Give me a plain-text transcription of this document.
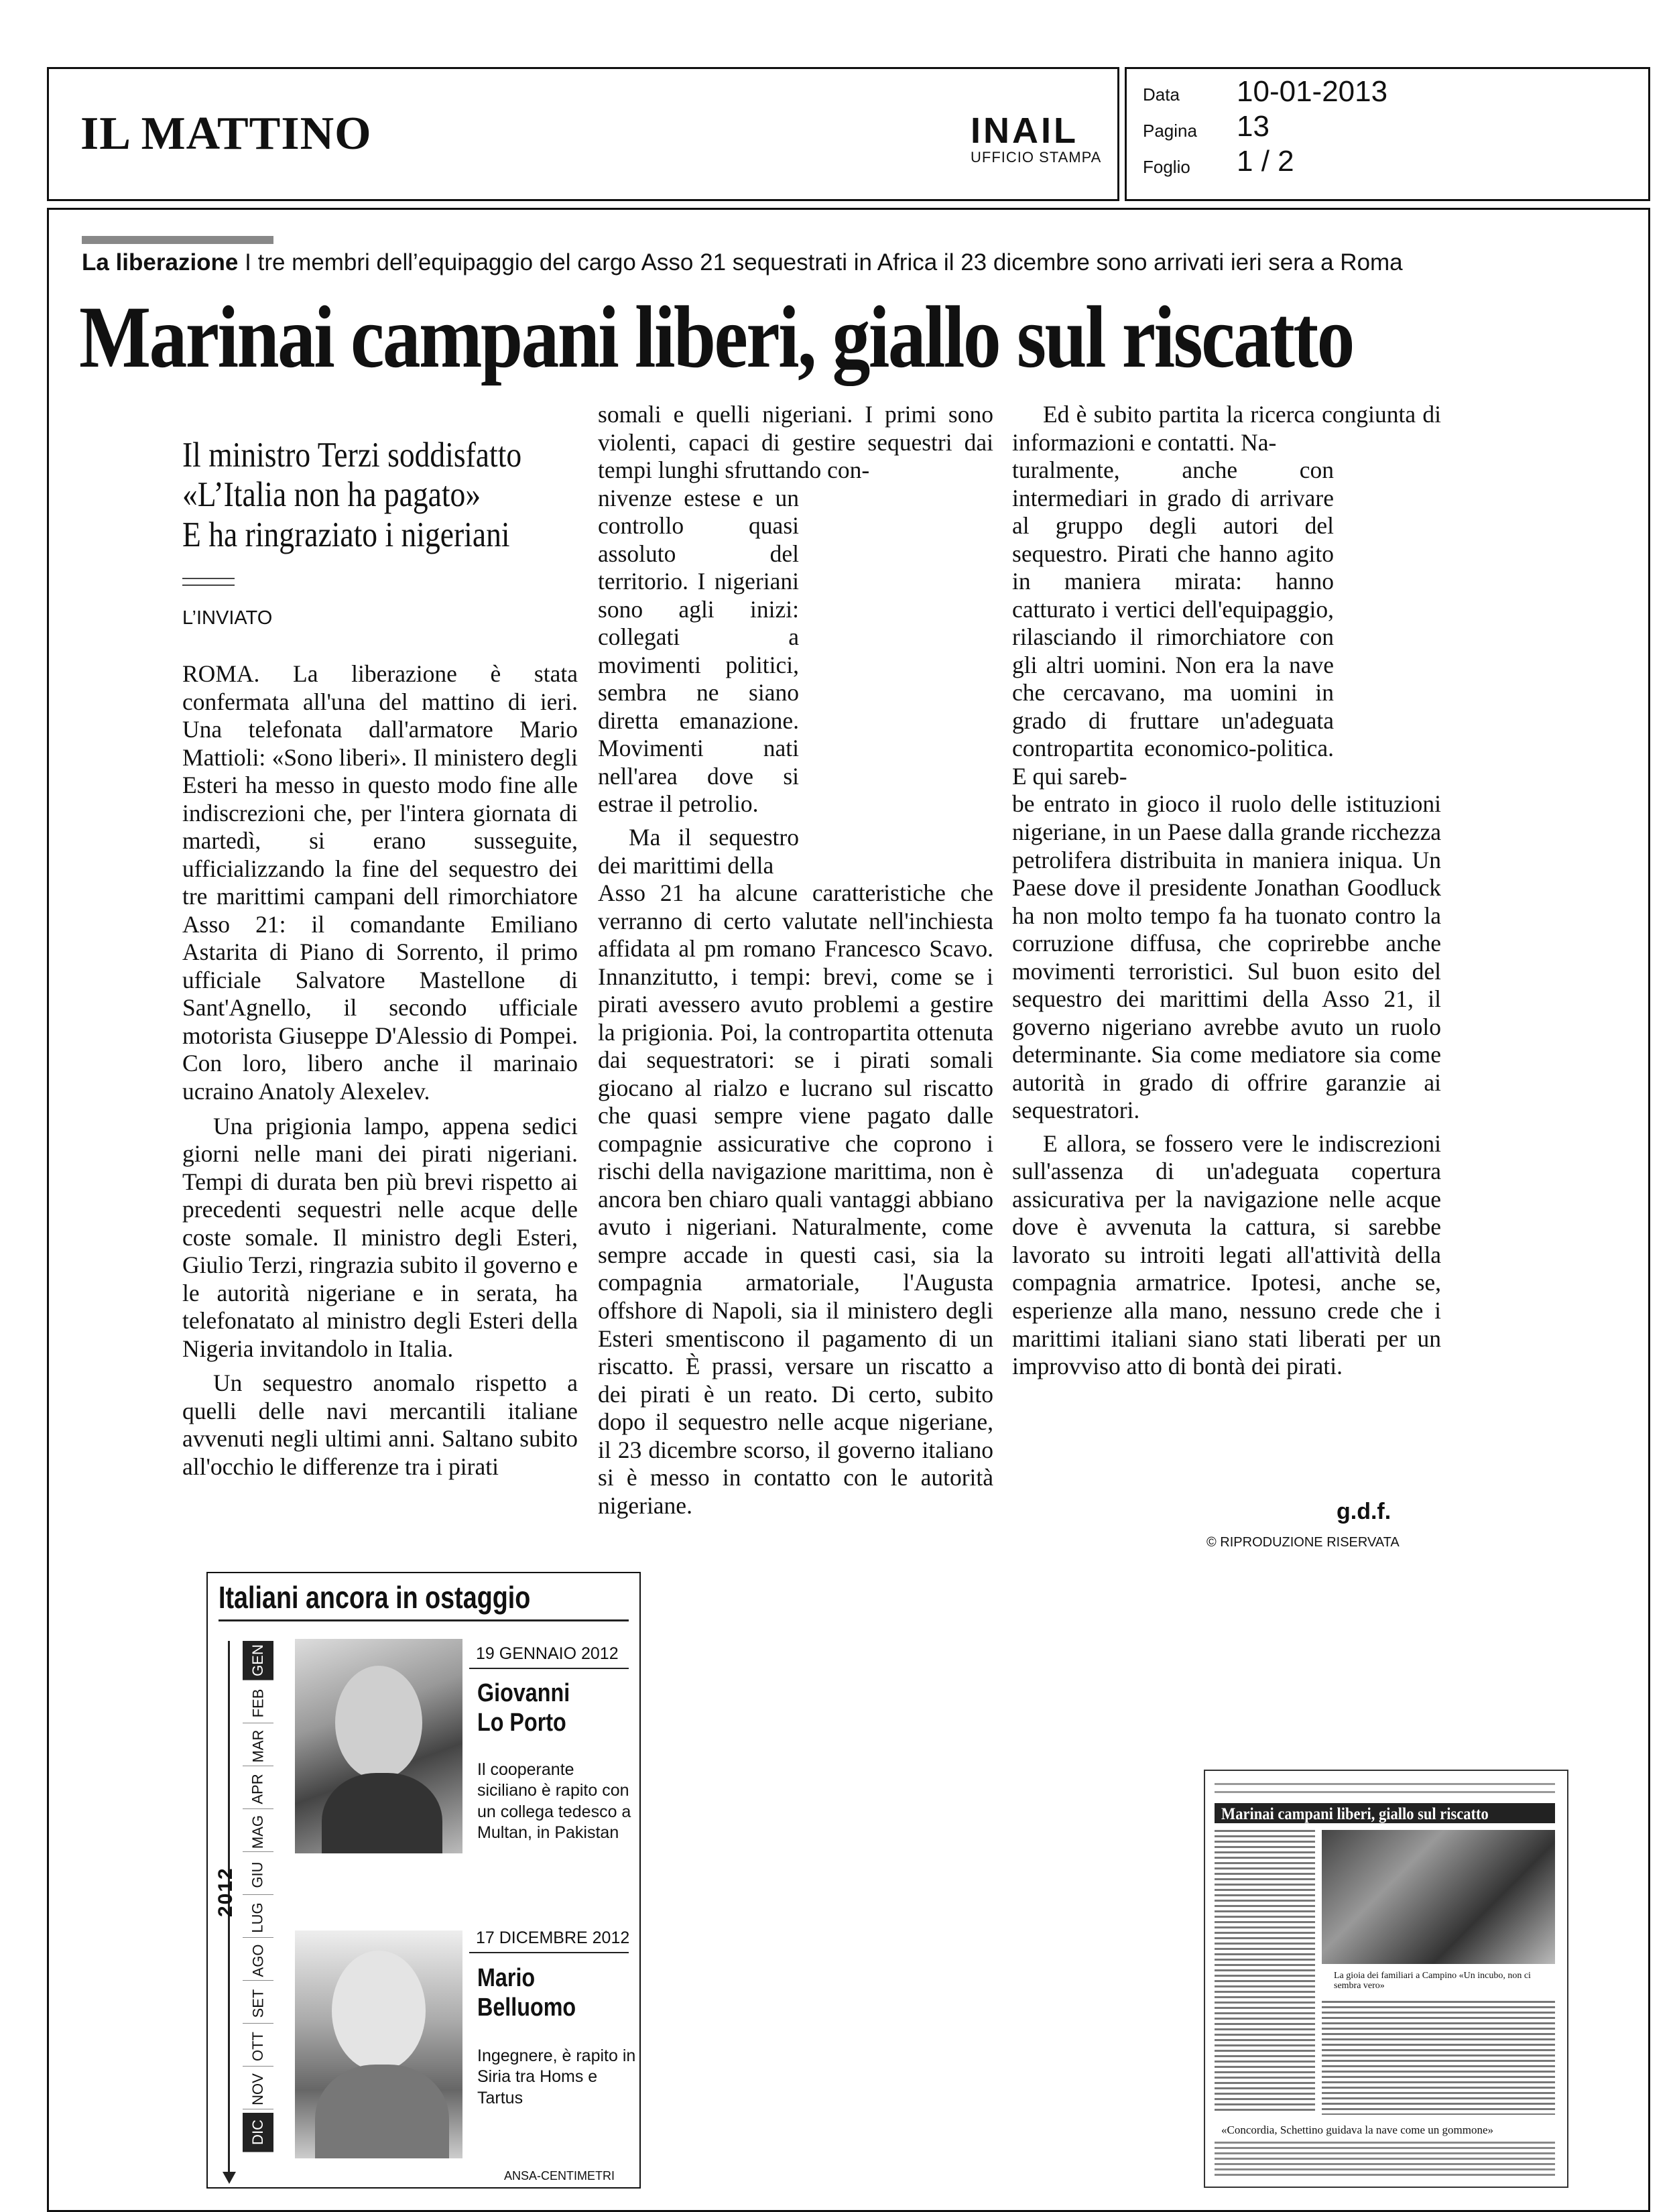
IL MATTINO	INAIL
UFFICIO STAMPA
Data 10-01-2013
Pagina 13
Foglio 1 / 2
La liberazione I tre membri dell’equipaggio del cargo Asso 21 sequestrati in Africa il 23 dicembre sono arrivati ieri sera a Roma
Marinai campani liberi, giallo sul riscatto
Il ministro Terzi soddisfatto
«L’Italia non ha pagato»
E ha ringraziato i nigeriani
L’INVIATO

ROMA. La liberazione è stata confermata all'una del mattino di ieri. Una telefonata dall'armatore Mario Mattioli: «Sono liberi». Il ministero degli Esteri ha messo in questo modo fine alle indiscrezioni che, per l'intera giornata di martedì, si erano susseguite, ufficializzando la fine del sequestro dei tre marittimi campani dell rimorchiatore Asso 21: il comandante Emiliano Astarita di Piano di Sorrento, il primo ufficiale Salvatore Mastellone di Sant'Agnello, il secondo ufficiale motorista Giuseppe D'Alessio di Pompei. Con loro, libero anche il marinaio ucraino Anatoly Alexelev.

Una prigionia lampo, appena sedici giorni nelle mani dei pirati nigeriani. Tempi di durata ben più brevi rispetto ai precedenti sequestri nelle acque delle coste somale. Il ministro degli Esteri, Giulio Terzi, ringrazia subito il governo e le autorità nigeriane e in serata, ha telefonatato al ministro degli Esteri della Nigeria invitandolo in Italia.

Un sequestro anomalo rispetto a quelli delle navi mercantili italiane avvenuti negli ultimi anni. Saltano subito all'occhio le differenze tra i pirati

somali e quelli nigeriani. I primi sono violenti, capaci di gestire sequestri dai tempi lunghi sfruttando con-

nivenze estese e un controllo quasi assoluto del territorio. I nigeriani sono agli inizi: collegati a movimenti politici, sembra ne siano diretta emanazione. Movimenti nati nell'area dove si estrae il petrolio.

Ma il sequestro dei marittimi della

Asso 21 ha alcune caratteristiche che verranno di certo valutate nell'inchiesta affidata al pm romano Francesco Scavo. Innanzitutto, i tempi: brevi, come se i pirati avessero avuto problemi a gestire la prigionia. Poi, la contropartita ottenuta dai sequestratori: se i pirati somali giocano al rialzo e lucrano sul riscatto che quasi sempre viene pagato dalle compagnie assicurative che coprono i rischi della navigazione marittima, non è ancora ben chiaro quali vantaggi abbiano avuto i nigeriani. Naturalmente, come sempre accade in questi casi, sia la compagnia armatoriale, l'Augusta offshore di Napoli, sia il ministero degli Esteri smentiscono il pagamento di un riscatto. È prassi, versare un riscatto a dei pirati è un reato. Di certo, subito dopo il sequestro nelle acque nigeriane, il 23 dicembre scorso, il governo italiano si è messo in contatto con le autorità nigeriane.

Ed è subito partita la ricerca congiunta di informazioni e contatti. Na-

turalmente, anche con intermediari in grado di arrivare al gruppo degli autori del sequestro. Pirati che hanno agito in maniera mirata: hanno catturato i vertici dell'equipaggio, rilasciando il rimorchiatore con gli altri uomini. Non era la nave che cercavano, ma uomini in grado di fruttare un'adeguata contropartita economico-politica. E qui sareb-

be entrato in gioco il ruolo delle istituzioni nigeriane, in un Paese dalla grande ricchezza petrolifera distribuita in maniera iniqua. Un Paese dove il presidente Jonathan Goodluck ha non molto tempo fa ha tuonato contro la corruzione diffusa, che coprirebbe anche movimenti terroristici. Sul buon esito del sequestro dei marittimi della Asso 21, il governo nigeriano avrebbe avuto un ruolo determinante. Sia come mediatore sia come autorità in grado di offrire garanzie ai sequestratori.

E allora, se fossero vere le indiscrezioni sull'assenza di un'adeguata copertura assicurativa per la navigazione nelle acque dove è avvenuta la cattura, si sarebbe lavorato su introiti legati all'attività della compagnia armatrice. Ipotesi, anche se, esperienze alla mano, nessuno crede che i marittimi italiani siano stati liberati per un improvviso atto di bontà dei pirati.

g.d.f.
© RIPRODUZIONE RISERVATA
Italiani ancora in ostaggio
GEN
FEB
MAR
APR
MAG
GIU
LUG
AGO
SET
OTT
NOV
DIC
2012
19 GENNAIO 2012
Giovanni
Lo Porto
Il cooperante siciliano è rapito con un collega tedesco a Multan, in Pakistan
17 DICEMBRE 2012
Mario
Belluomo
Ingegnere, è rapito in Siria tra Homs e Tartus
ANSA-CENTIMETRI
Marinai campani liberi, giallo sul riscatto
La gioia dei familiari a Campino «Un incubo, non ci sembra vero»
«Concordia, Schettino guidava la nave come un gommone»
